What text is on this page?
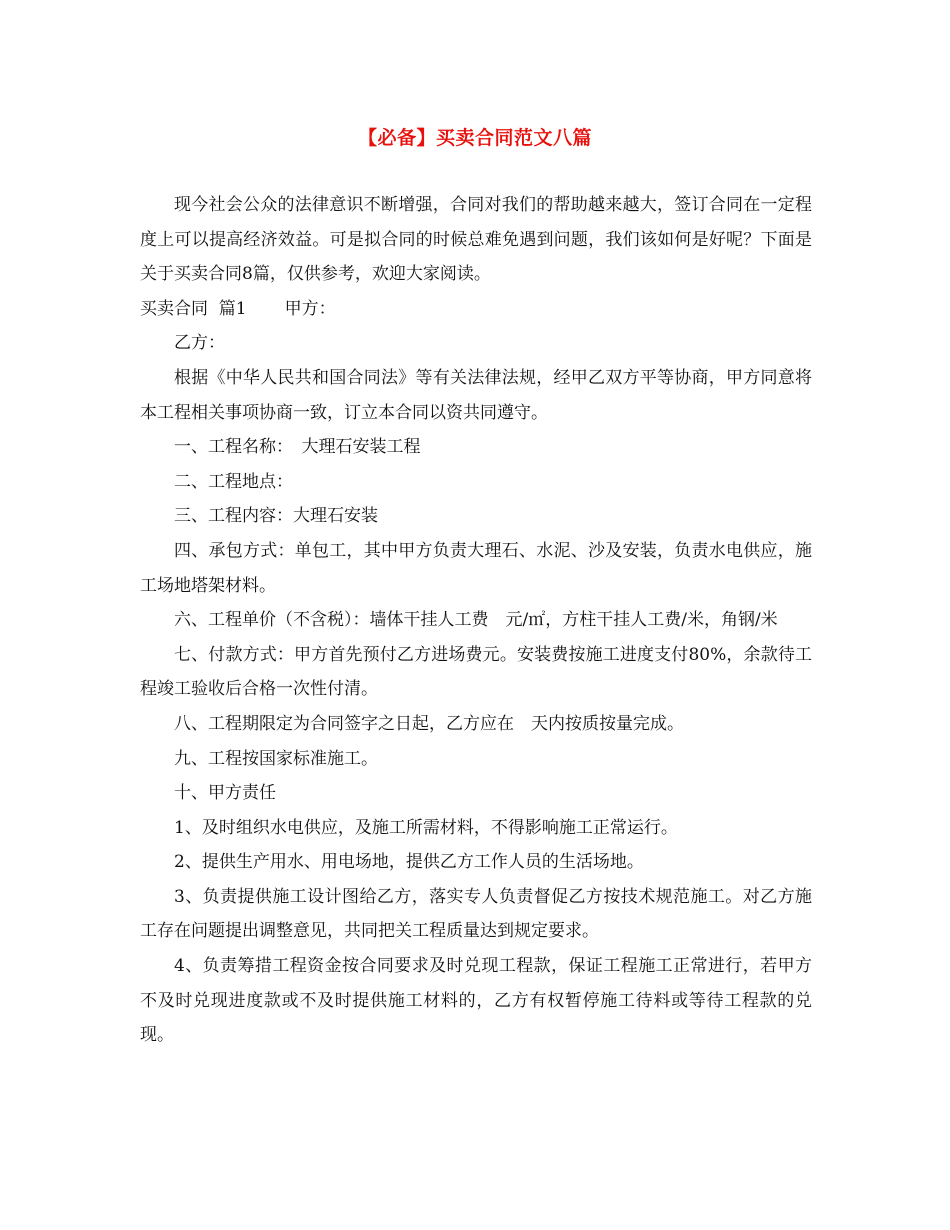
【必备】买卖合同范文八篇

现今社会公众的法律意识不断增强，合同对我们的帮助越来越大，签订合同在一定程度上可以提高经济效益。可是拟合同的时候总难免遇到问题，我们该如何是好呢？下面是关于买卖合同8篇，仅供参考，欢迎大家阅读。

买卖合同  篇1 甲方：

乙方：

根据《中华人民共和国合同法》等有关法律法规，经甲乙双方平等协商，甲方同意将本工程相关事项协商一致，订立本合同以资共同遵守。

一、工程名称：　大理石安装工程

二、工程地点：

三、工程内容：大理石安装

四、承包方式：单包工，其中甲方负责大理石、水泥、沙及安装，负责水电供应，施工场地塔架材料。

六、工程单价（不含税）：墙体干挂人工费　元/㎡，方柱干挂人工费/米，角钢/米

七、付款方式：甲方首先预付乙方进场费元。安装费按施工进度支付80%，余款待工程竣工验收后合格一次性付清。

八、工程期限定为合同签字之日起，乙方应在　天内按质按量完成。

九、工程按国家标准施工。

十、甲方责任

1、及时组织水电供应，及施工所需材料，不得影响施工正常运行。

2、提供生产用水、用电场地，提供乙方工作人员的生活场地。

3、负责提供施工设计图给乙方，落实专人负责督促乙方按技术规范施工。对乙方施工存在问题提出调整意见，共同把关工程质量达到规定要求。

4、负责筹措工程资金按合同要求及时兑现工程款，保证工程施工正常进行，若甲方不及时兑现进度款或不及时提供施工材料的，乙方有权暂停施工待料或等待工程款的兑现。
